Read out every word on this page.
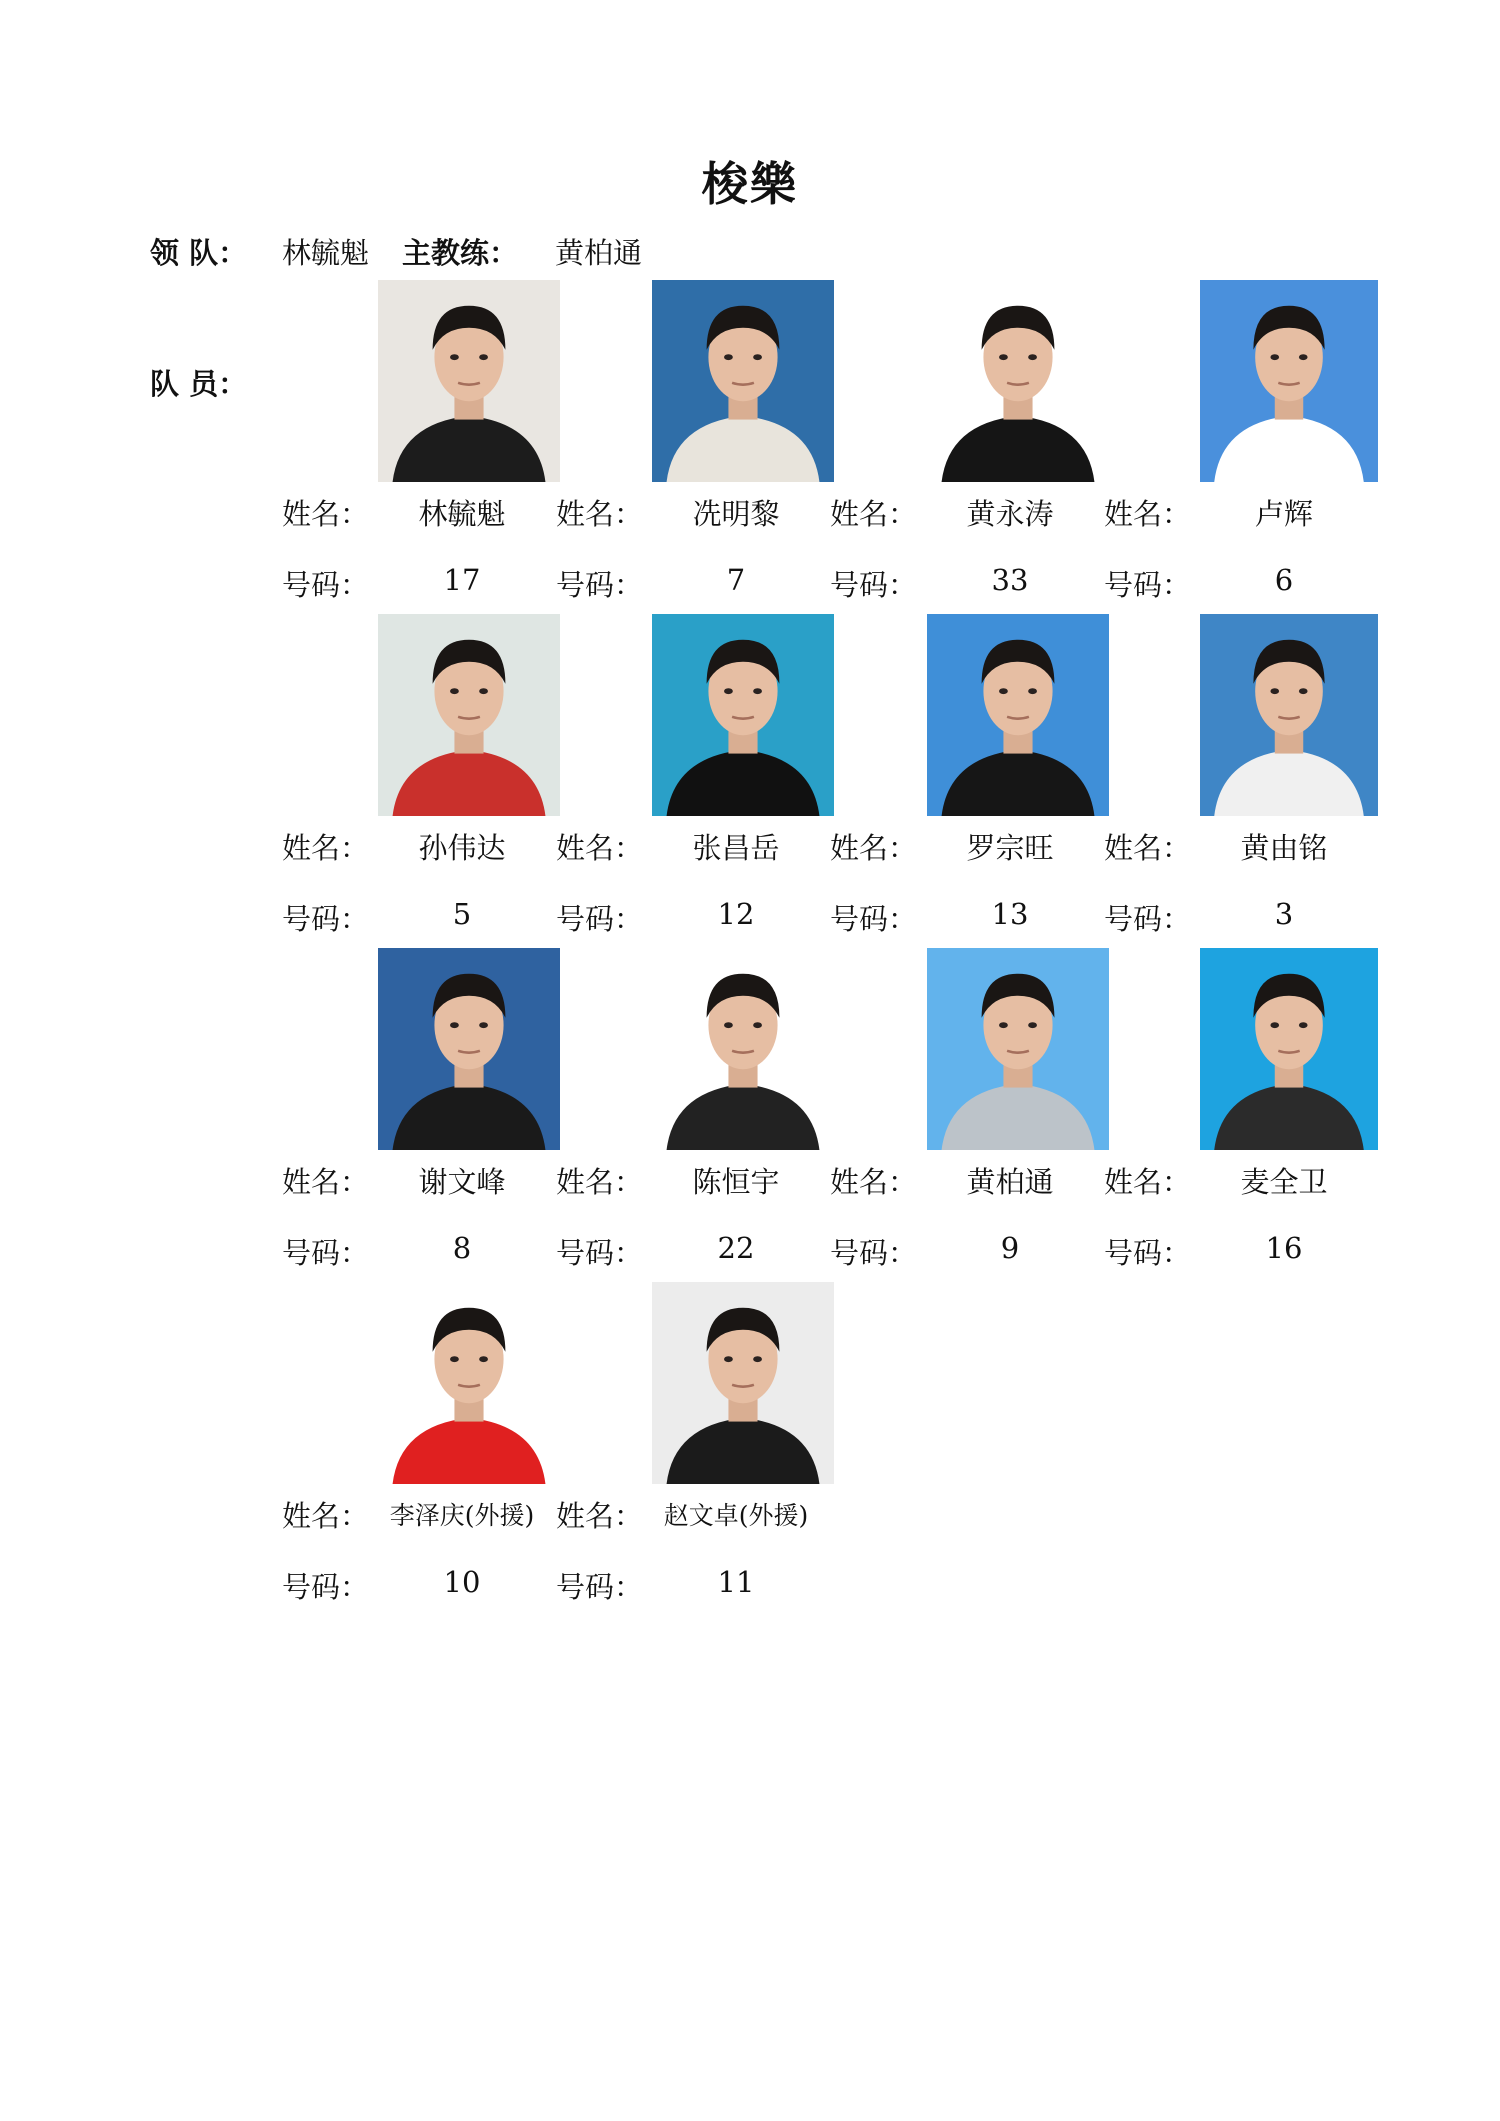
梭樂
领 队： 林毓魁 主教练： 黄柏通
队 员：
姓名：	林毓魁
号码：	17
姓名：	冼明黎
号码：	7
姓名：	黄永涛
号码：	33
姓名：	卢辉
号码：	6
姓名：	孙伟达
号码：	5
姓名：	张昌岳
号码：	12
姓名：	罗宗旺
号码：	13
姓名：	黄由铭
号码：	3
姓名：	谢文峰
号码：	8
姓名：	陈恒宇
号码：	22
姓名：	黄柏通
号码：	9
姓名：	麦全卫
号码：	16
姓名： 李泽庆(外援)
号码：	10
姓名： 赵文卓(外援)
号码：	11
